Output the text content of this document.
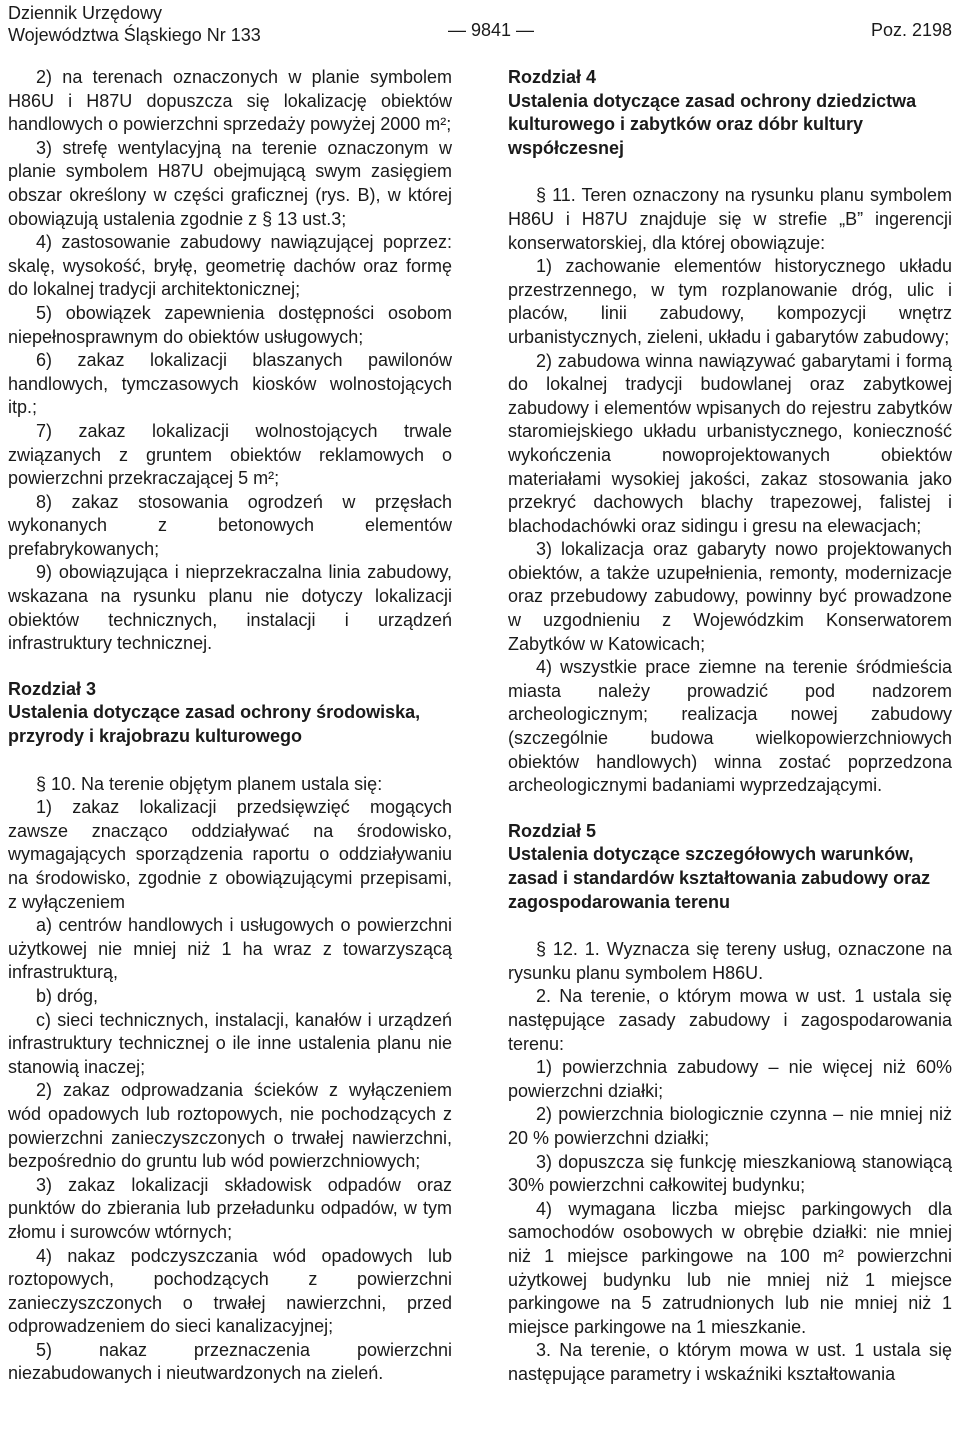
Dziennik Urzędowy
Województwa Śląskiego Nr 133	— 9841 —	Poz. 2198

2) na terenach oznaczonych w planie symbolem H86U i H87U dopuszcza się lokalizację obiektów handlowych o powierzchni sprzedaży powyżej 2000 m²;

3) strefę wentylacyjną na terenie oznaczonym w planie symbolem H87U obejmującą swym zasięgiem obszar określony w części graficznej (rys. B), w której obowiązują ustalenia zgodnie z § 13 ust.3;

4) zastosowanie zabudowy nawiązującej poprzez: skalę, wysokość, bryłę, geometrię dachów oraz formę do lokalnej tradycji architektonicznej;

5) obowiązek zapewnienia dostępności osobom niepełnosprawnym do obiektów usługowych;

6) zakaz lokalizacji blaszanych pawilonów handlowych, tymczasowych kiosków wolnostojących itp.;

7) zakaz lokalizacji wolnostojących trwale związanych z gruntem obiektów reklamowych o powierzchni przekraczającej 5 m²;

8) zakaz stosowania ogrodzeń w przęsłach wykonanych z betonowych elementów prefabrykowanych;

9) obowiązująca i nieprzekraczalna linia zabudowy, wskazana na rysunku planu nie dotyczy lokalizacji obiektów technicznych, instalacji i urządzeń infrastruktury technicznej.

Rozdział 3
Ustalenia dotyczące zasad ochrony środowiska, przyrody i krajobrazu kulturowego

§ 10. Na terenie objętym planem ustala się:

1) zakaz lokalizacji przedsięwzięć mogących zawsze znacząco oddziaływać na środowisko, wymagających sporządzenia raportu o oddziaływaniu na środowisko, zgodnie z obowiązującymi przepisami, z wyłączeniem

a) centrów handlowych i usługowych o powierzchni użytkowej nie mniej niż 1 ha wraz z towarzyszącą infrastrukturą,

b) dróg,

c) sieci technicznych, instalacji, kanałów i urządzeń infrastruktury technicznej o ile inne ustalenia planu nie stanowią inaczej;

2) zakaz odprowadzania ścieków z wyłączeniem wód opadowych lub roztopowych, nie pochodzących z powierzchni zanieczyszczonych o trwałej nawierzchni, bezpośrednio do gruntu lub wód powierzchniowych;

3) zakaz lokalizacji składowisk odpadów oraz punktów do zbierania lub przeładunku odpadów, w tym złomu i surowców wtórnych;

4) nakaz podczyszczania wód opadowych lub roztopowych, pochodzących z powierzchni zanieczyszczonych o trwałej nawierzchni, przed odprowadzeniem do sieci kanalizacyjnej;

5) nakaz przeznaczenia powierzchni niezabudowanych i nieutwardzonych na zieleń.

Rozdział 4
Ustalenia dotyczące zasad ochrony dziedzictwa kulturowego i zabytków oraz dóbr kultury współczesnej

§ 11. Teren oznaczony na rysunku planu symbolem H86U i H87U znajduje się w strefie „B” ingerencji konserwatorskiej, dla której obowiązuje:

1) zachowanie elementów historycznego układu przestrzennego, w tym rozplanowanie dróg, ulic i placów, linii zabudowy, kompozycji wnętrz urbanistycznych, zieleni, układu i gabarytów zabudowy;

2) zabudowa winna nawiązywać gabarytami i formą do lokalnej tradycji budowlanej oraz zabytkowej zabudowy i elementów wpisanych do rejestru zabytków staromiejskiego układu urbanistycznego, konieczność wykończenia nowoprojektowanych obiektów materiałami wysokiej jakości, zakaz stosowania jako przekryć dachowych blachy trapezowej, falistej i blachodachówki oraz sidingu i gresu na elewacjach;

3) lokalizacja oraz gabaryty nowo projektowanych obiektów, a także uzupełnienia, remonty, modernizacje oraz przebudowy zabudowy, powinny być prowadzone w uzgodnieniu z Wojewódzkim Konserwatorem Zabytków w Katowicach;

4) wszystkie prace ziemne na terenie śródmieścia miasta należy prowadzić pod nadzorem archeologicznym; realizacja nowej zabudowy (szczególnie budowa wielkopowierzchniowych obiektów handlowych) winna zostać poprzedzona archeologicznymi badaniami wyprzedzającymi.

Rozdział 5
Ustalenia dotyczące szczegółowych warunków, zasad i standardów kształtowania zabudowy oraz zagospodarowania terenu

§ 12. 1. Wyznacza się tereny usług, oznaczone na rysunku planu symbolem H86U.

2. Na terenie, o którym mowa w ust. 1 ustala się następujące zasady zabudowy i zagospodarowania terenu:

1) powierzchnia zabudowy – nie więcej niż 60% powierzchni działki;

2) powierzchnia biologicznie czynna – nie mniej niż 20 % powierzchni działki;

3) dopuszcza się funkcję mieszkaniową stanowiącą 30% powierzchni całkowitej budynku;

4) wymagana liczba miejsc parkingowych dla samochodów osobowych w obrębie działki: nie mniej niż 1 miejsce parkingowe na 100 m² powierzchni użytkowej budynku lub nie mniej niż 1 miejsce parkingowe na 5 zatrudnionych lub nie mniej niż 1 miejsce parkingowe na 1 mieszkanie.

3. Na terenie, o którym mowa w ust. 1 ustala się następujące parametry i wskaźniki kształtowania
